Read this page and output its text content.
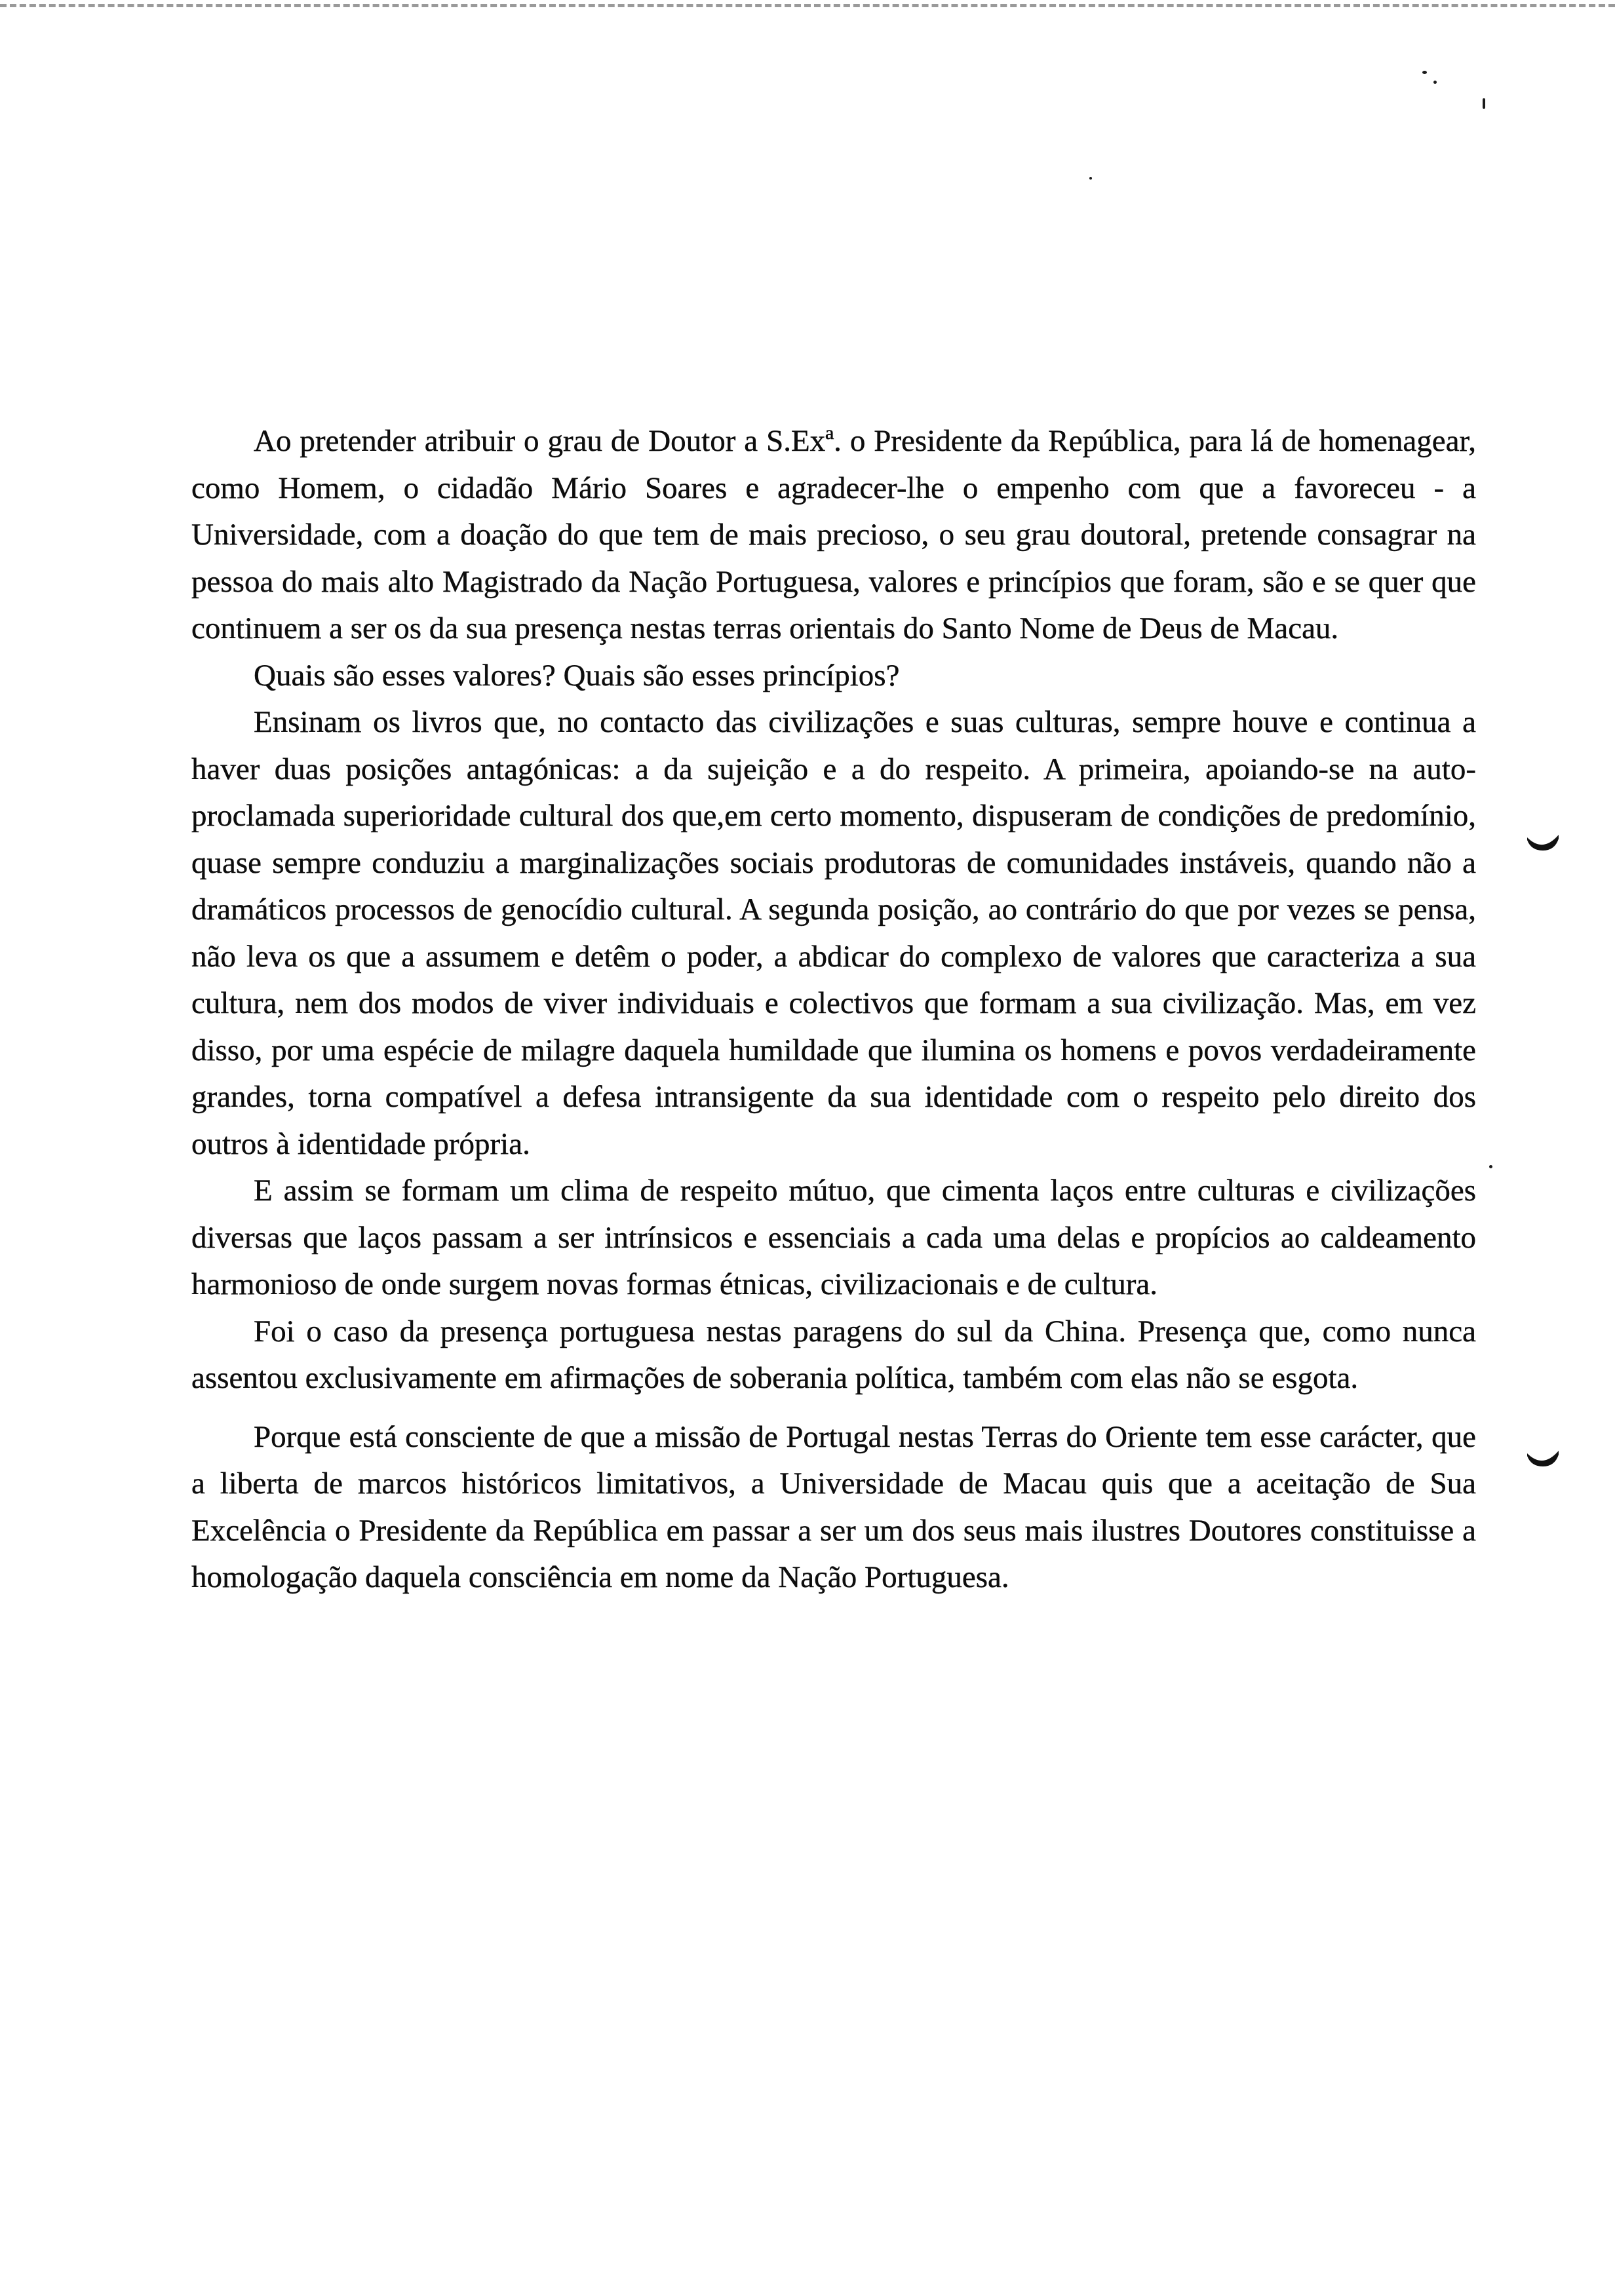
Ao pretender atribuir o grau de Doutor a S.Exª. o Presidente da República, para lá de homenagear, como Homem, o cidadão Mário Soares e agradecer-lhe o empenho com que a favoreceu - a Universidade, com a doação do que tem de mais precioso, o seu grau doutoral, pretende consagrar na pessoa do mais alto Magistrado da Nação Portuguesa, valores e princípios que foram, são e se quer que continuem a ser os da sua presença nestas terras orientais do Santo Nome de Deus de Macau.

Quais são esses valores? Quais são esses princípios?

Ensinam os livros que, no contacto das civilizações e suas culturas, sempre houve e continua a haver duas posições antagónicas: a da sujeição e a do respeito. A primeira, apoiando-se na auto-proclamada superioridade cultural dos que,em certo momento, dispuseram de condições de predomínio, quase sempre conduziu a marginalizações sociais produtoras de comunidades instáveis, quando não a dramáticos processos de genocídio cultural. A segunda posição, ao contrário do que por vezes se pensa, não leva os que a assumem e detêm o poder, a abdicar do complexo de valores que caracteriza a sua cultura, nem dos modos de viver individuais e colectivos que formam a sua civilização. Mas, em vez disso, por uma espécie de milagre daquela humildade que ilumina os homens e povos verdadeiramente grandes, torna compatível a defesa intransigente da sua identidade com o respeito pelo direito dos outros à identidade própria.

E assim se formam um clima de respeito mútuo, que cimenta laços entre culturas e civilizações diversas que laços passam a ser intrínsicos e essenciais a cada uma delas e propícios ao caldeamento harmonioso de onde surgem novas formas étnicas, civilizacionais e de cultura.

Foi o caso da presença portuguesa nestas paragens do sul da China. Presença que, como nunca assentou exclusivamente em afirmações de soberania política, também com elas não se esgota.

Porque está consciente de que a missão de Portugal nestas Terras do Oriente tem esse carácter, que a liberta de marcos históricos limitativos, a Universidade de Macau quis que a aceitação de Sua Excelência o Presidente da República em passar a ser um dos seus mais ilustres Doutores constituisse a homologação daquela consciência em nome da Nação Portuguesa.
